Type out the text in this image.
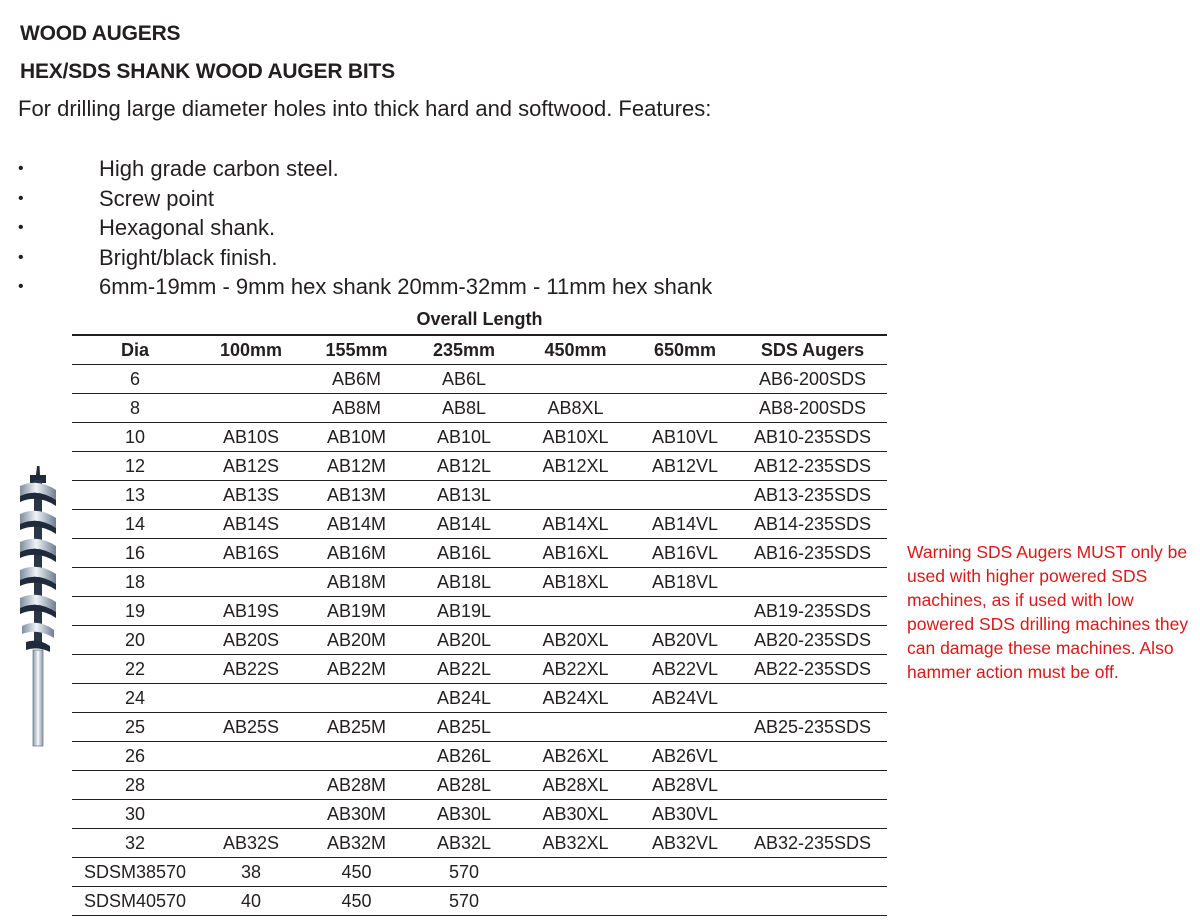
WOOD AUGERS
HEX/SDS SHANK WOOD AUGER BITS
For drilling large diameter holes into thick hard and softwood. Features:
•	High grade carbon steel.
•	Screw point
•	Hexagonal shank.
•	Bright/black finish.
•	6mm-19mm - 9mm hex shank 20mm-32mm - 11mm hex shank
Overall Length
Dia	100mm	155mm	235mm	450mm	650mm	SDS Augers
6		AB6M	AB6L			AB6-200SDS
8		AB8M	AB8L	AB8XL		AB8-200SDS
10	AB10S	AB10M	AB10L	AB10XL	AB10VL	AB10-235SDS
12	AB12S	AB12M	AB12L	AB12XL	AB12VL	AB12-235SDS
13	AB13S	AB13M	AB13L			AB13-235SDS
14	AB14S	AB14M	AB14L	AB14XL	AB14VL	AB14-235SDS
16	AB16S	AB16M	AB16L	AB16XL	AB16VL	AB16-235SDS
18		AB18M	AB18L	AB18XL	AB18VL	
19	AB19S	AB19M	AB19L			AB19-235SDS
20	AB20S	AB20M	AB20L	AB20XL	AB20VL	AB20-235SDS
22	AB22S	AB22M	AB22L	AB22XL	AB22VL	AB22-235SDS
24			AB24L	AB24XL	AB24VL	
25	AB25S	AB25M	AB25L			AB25-235SDS
26			AB26L	AB26XL	AB26VL	
28		AB28M	AB28L	AB28XL	AB28VL	
30		AB30M	AB30L	AB30XL	AB30VL	
32	AB32S	AB32M	AB32L	AB32XL	AB32VL	AB32-235SDS
SDSM38570	38	450	570			
SDSM40570	40	450	570			
Warning SDS Augers MUST only be used with higher powered SDS machines, as if used with low powered SDS drilling machines they can damage these machines. Also hammer action must be off.
